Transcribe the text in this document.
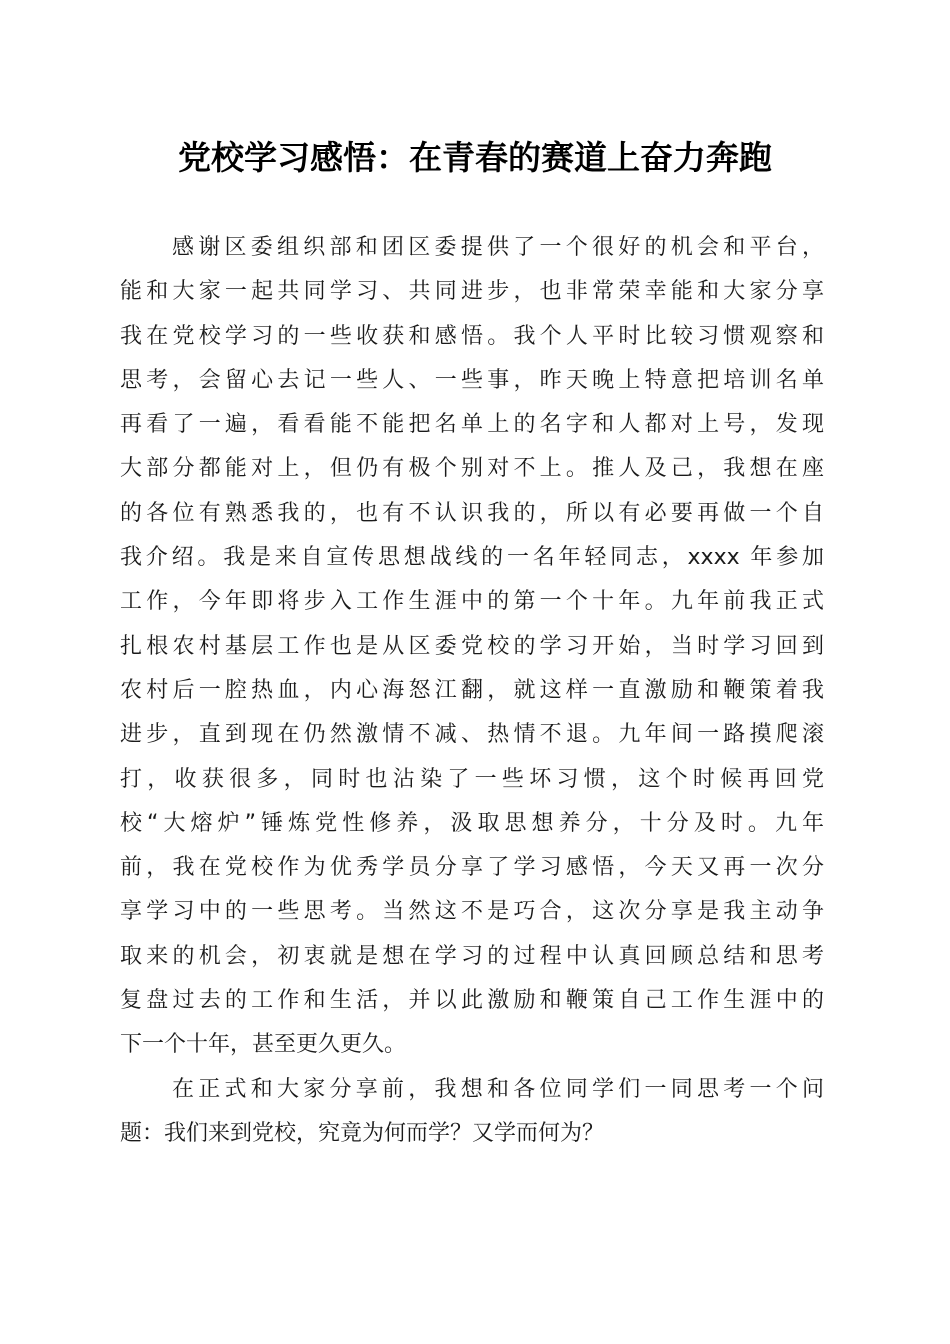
党校学习感悟：在青春的赛道上奋力奔跑
感谢区委组织部和团区委提供了一个很好的机会和平台，
能和大家一起共同学习、共同进步，也非常荣幸能和大家分享
我在党校学习的一些收获和感悟。我个人平时比较习惯观察和
思考，会留心去记一些人、一些事，昨天晚上特意把培训名单
再看了一遍，看看能不能把名单上的名字和人都对上号，发现
大部分都能对上，但仍有极个别对不上。推人及己，我想在座
的各位有熟悉我的，也有不认识我的，所以有必要再做一个自
我介绍。我是来自宣传思想战线的一名年轻同志，xxxx 年参加
工作，今年即将步入工作生涯中的第一个十年。九年前我正式
扎根农村基层工作也是从区委党校的学习开始，当时学习回到
农村后一腔热血，内心海怒江翻，就这样一直激励和鞭策着我
进步，直到现在仍然激情不减、热情不退。九年间一路摸爬滚
打，收获很多，同时也沾染了一些坏习惯，这个时候再回党
校“大熔炉”锤炼党性修养，汲取思想养分，十分及时。九年
前，我在党校作为优秀学员分享了学习感悟，今天又再一次分
享学习中的一些思考。当然这不是巧合，这次分享是我主动争
取来的机会，初衷就是想在学习的过程中认真回顾总结和思考
复盘过去的工作和生活，并以此激励和鞭策自己工作生涯中的
下一个十年，甚至更久更久。
在正式和大家分享前，我想和各位同学们一同思考一个问
题：我们来到党校，究竟为何而学？又学而何为？
